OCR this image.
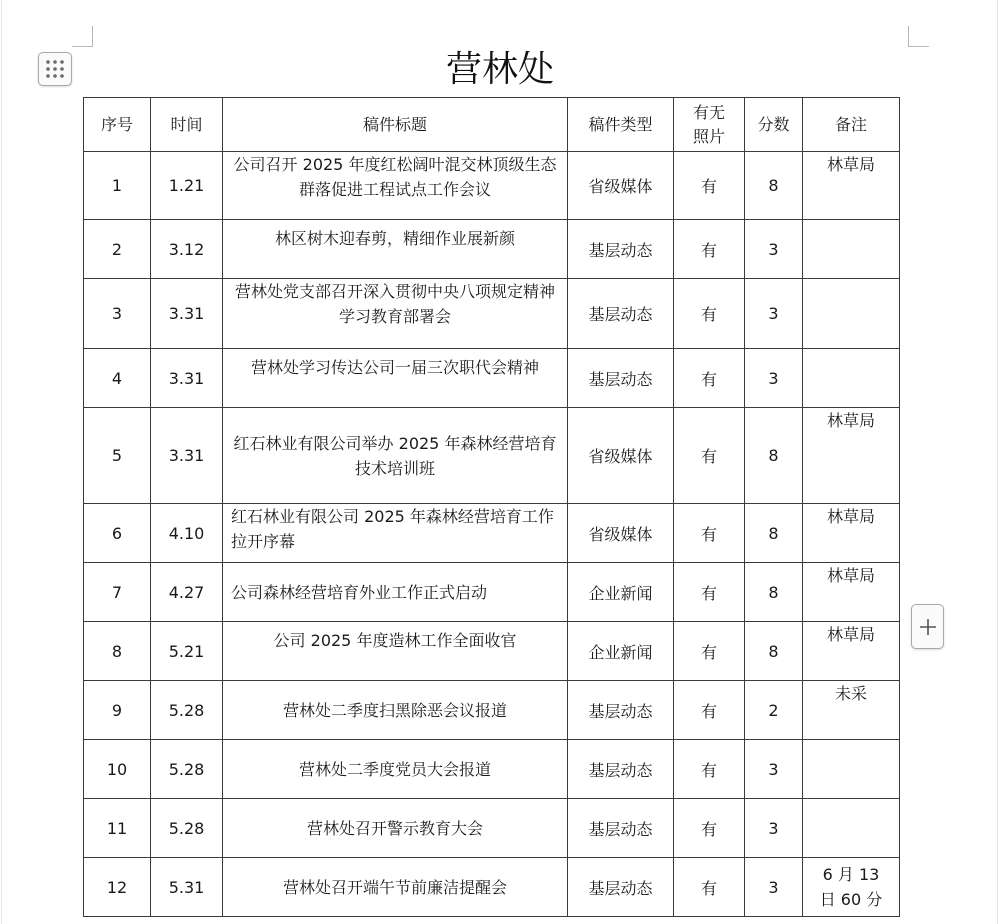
营林处
序号	时间	稿件标题	稿件类型	有无照片	分数	备注
1	1.21	公司召开 2025 年度红松阔叶混交林顶级生态群落促进工程试点工作会议	省级媒体	有	8	林草局
2	3.12	林区树木迎春剪，精细作业展新颜	基层动态	有	3	
3	3.31	营林处党支部召开深入贯彻中央八项规定精神学习教育部署会	基层动态	有	3	
4	3.31	营林处学习传达公司一届三次职代会精神	基层动态	有	3	
5	3.31	红石林业有限公司举办 2025 年森林经营培育技术培训班	省级媒体	有	8	林草局
6	4.10	红石林业有限公司 2025 年森林经营培育工作拉开序幕	省级媒体	有	8	林草局
7	4.27	公司森林经营培育外业工作正式启动	企业新闻	有	8	林草局
8	5.21	公司 2025 年度造林工作全面收官	企业新闻	有	8	林草局
9	5.28	营林处二季度扫黑除恶会议报道	基层动态	有	2	未采
10	5.28	营林处二季度党员大会报道	基层动态	有	3	
11	5.28	营林处召开警示教育大会	基层动态	有	3	
12	5.31	营林处召开端午节前廉洁提醒会	基层动态	有	3	6 月 13 日 60 分
